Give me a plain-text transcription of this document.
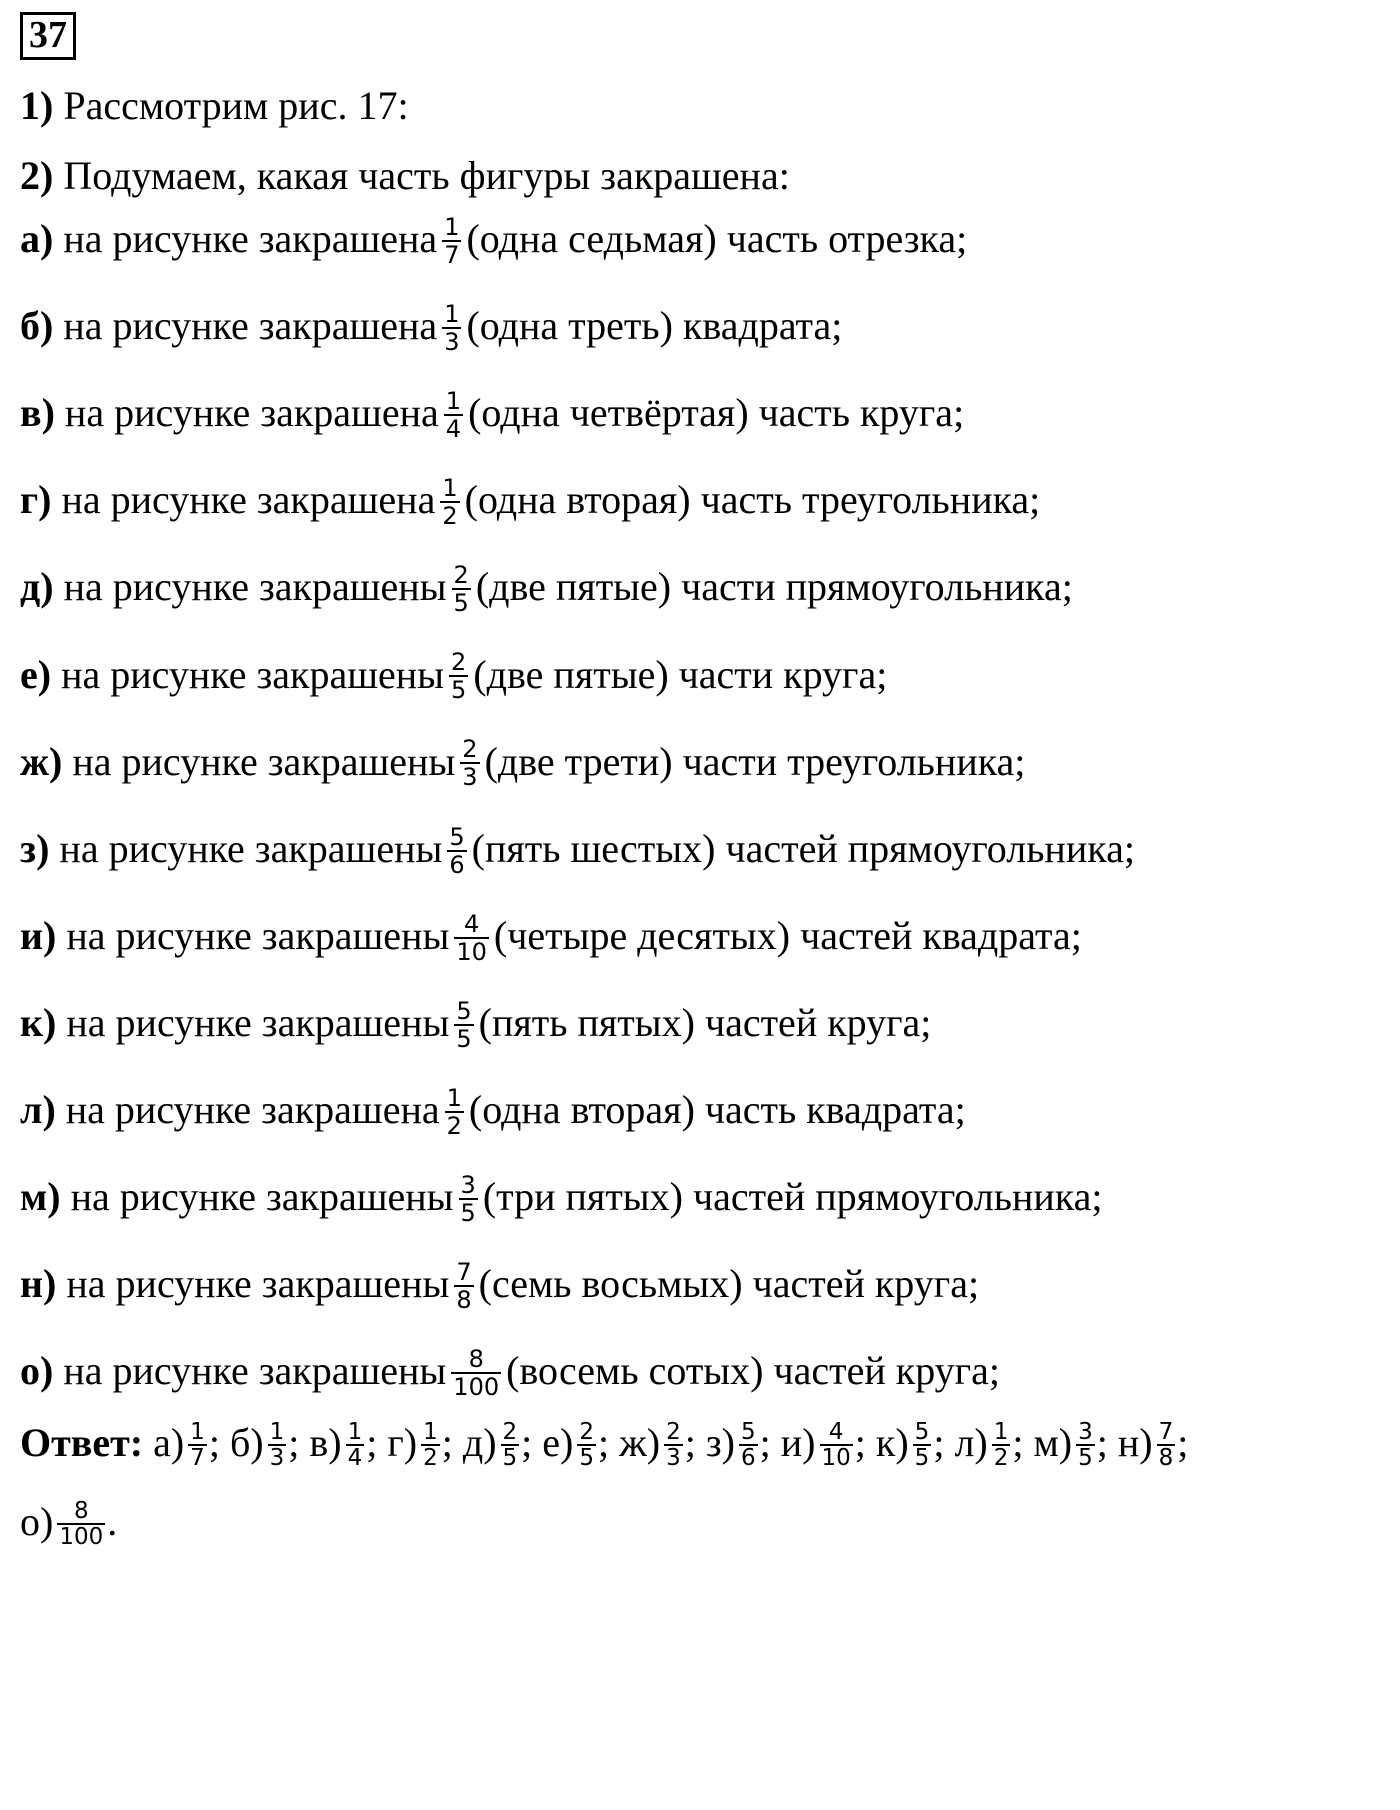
37
1) Рассмотрим рис. 17:
2) Подумаем, какая часть фигуры закрашена:
а) на рисунке закрашена $\frac{1}{7}$ (одна седьмая) часть отрезка;
б) на рисунке закрашена $\frac{1}{3}$ (одна треть) квадрата;
в) на рисунке закрашена $\frac{1}{4}$ (одна четвёртая) часть круга;
г) на рисунке закрашена $\frac{1}{2}$ (одна вторая) часть треугольника;
д) на рисунке закрашены $\frac{2}{5} (две$ пятые) части прямоугольника;
е) на рисунке закрашены $\frac{2}{5} (две$ пятые) части круга;
ж) на рисунке закрашены $\frac{2}{3} (две$ трети) части треугольника;
з) на рисунке закрашены $\frac{5}{6}$ (пять шестых) частей прямоугольника;
и) на рисунке закрашены $\frac{4}{10}$ (четыре десятых) частей квадрата;
к) на рисунке закрашены $\frac{5}{5}$ (пять пятых) частей круга;
л) на рисунке закрашена $\frac{1}{2}$ (одна вторая) часть квадрата;
м) на рисунке закрашены $\frac{3}{5} (три$ пятых) частей прямоугольника;
н) на рисунке закрашены $\frac{7}{8}$ (семь восьмых) частей круга;
о) на рисунке закрашены $\frac{8}{100}$ (восемь сотых) частей круга;
Ответ: $а) \frac{1}{7}$ ; $б) \frac{1}{3}$ ; $в) \frac{1}{4}$ ; $г) \frac{1}{2}$ ; $д) \frac{2}{5}$ ; $е) \frac{2}{5}$ ; $ж) \frac{2}{3}$ ; $з) \frac{5}{6}$ ; $и) \frac{4}{10}$ ; $к) \frac{5}{5}$ ; $л) \frac{1}{2}$ ; $м) \frac{3}{5}$ ; $н) \frac{7}{8}$ ;
$о) \frac{8}{100}$ .
